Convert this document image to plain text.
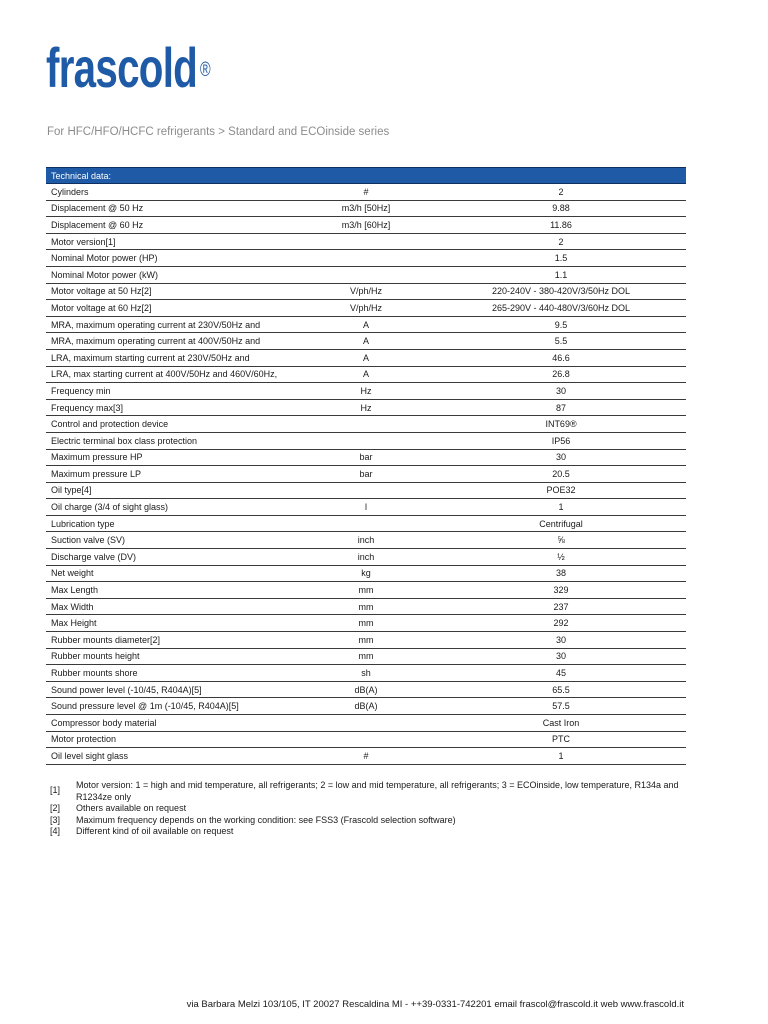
frascold ®
For HFC/HFO/HCFC refrigerants > Standard and ECOinside series
Technical data:		
Cylinders	#	2
Displacement @ 50 Hz	m3/h [50Hz]	9.88
Displacement @ 60 Hz	m3/h [60Hz]	11.86
Motor version[1]		2
Nominal Motor power (HP)		1.5
Nominal Motor power (kW)		1.1
Motor voltage at 50 Hz[2]	V/ph/Hz	220-240V - 380-420V/3/50Hz DOL
Motor voltage at 60 Hz[2]	V/ph/Hz	265-290V - 440-480V/3/60Hz DOL
MRA, maximum operating current at 230V/50Hz and	A	9.5
MRA, maximum operating current at 400V/50Hz and	A	5.5
LRA, maximum starting current at 230V/50Hz and	A	46.6
LRA, max starting current at 400V/50Hz and 460V/60Hz,	A	26.8
Frequency min	Hz	30
Frequency max[3]	Hz	87
Control and protection device		INT69®
Electric terminal box class protection		IP56
Maximum pressure HP	bar	30
Maximum pressure LP	bar	20.5
Oil type[4]		POE32
Oil charge (3/4 of sight glass)	l	1
Lubrication type		Centrifugal
Suction valve (SV)	inch	⅝
Discharge valve (DV)	inch	½
Net weight	kg	38
Max Length	mm	329
Max Width	mm	237
Max Height	mm	292
Rubber mounts diameter[2]	mm	30
Rubber mounts height	mm	30
Rubber mounts shore	sh	45
Sound power level (-10/45, R404A)[5]	dB(A)	65.5
Sound pressure level @ 1m (-10/45, R404A)[5]	dB(A)	57.5
Compressor body material		Cast Iron
Motor protection		PTC
Oil level sight glass	#	1
[1]	Motor version: 1 = high and mid temperature, all refrigerants; 2 = low and mid temperature, all refrigerants; 3 = ECOinside, low temperature, R134a and R1234ze only
[2]	Others available on request
[3]	Maximum frequency depends on the working condition: see FSS3 (Frascold selection software)
[4]	Different kind of oil available on request
via Barbara Melzi 103/105, IT 20027 Rescaldina MI - ++39-0331-742201 email frascol@frascold.it web www.frascold.it
